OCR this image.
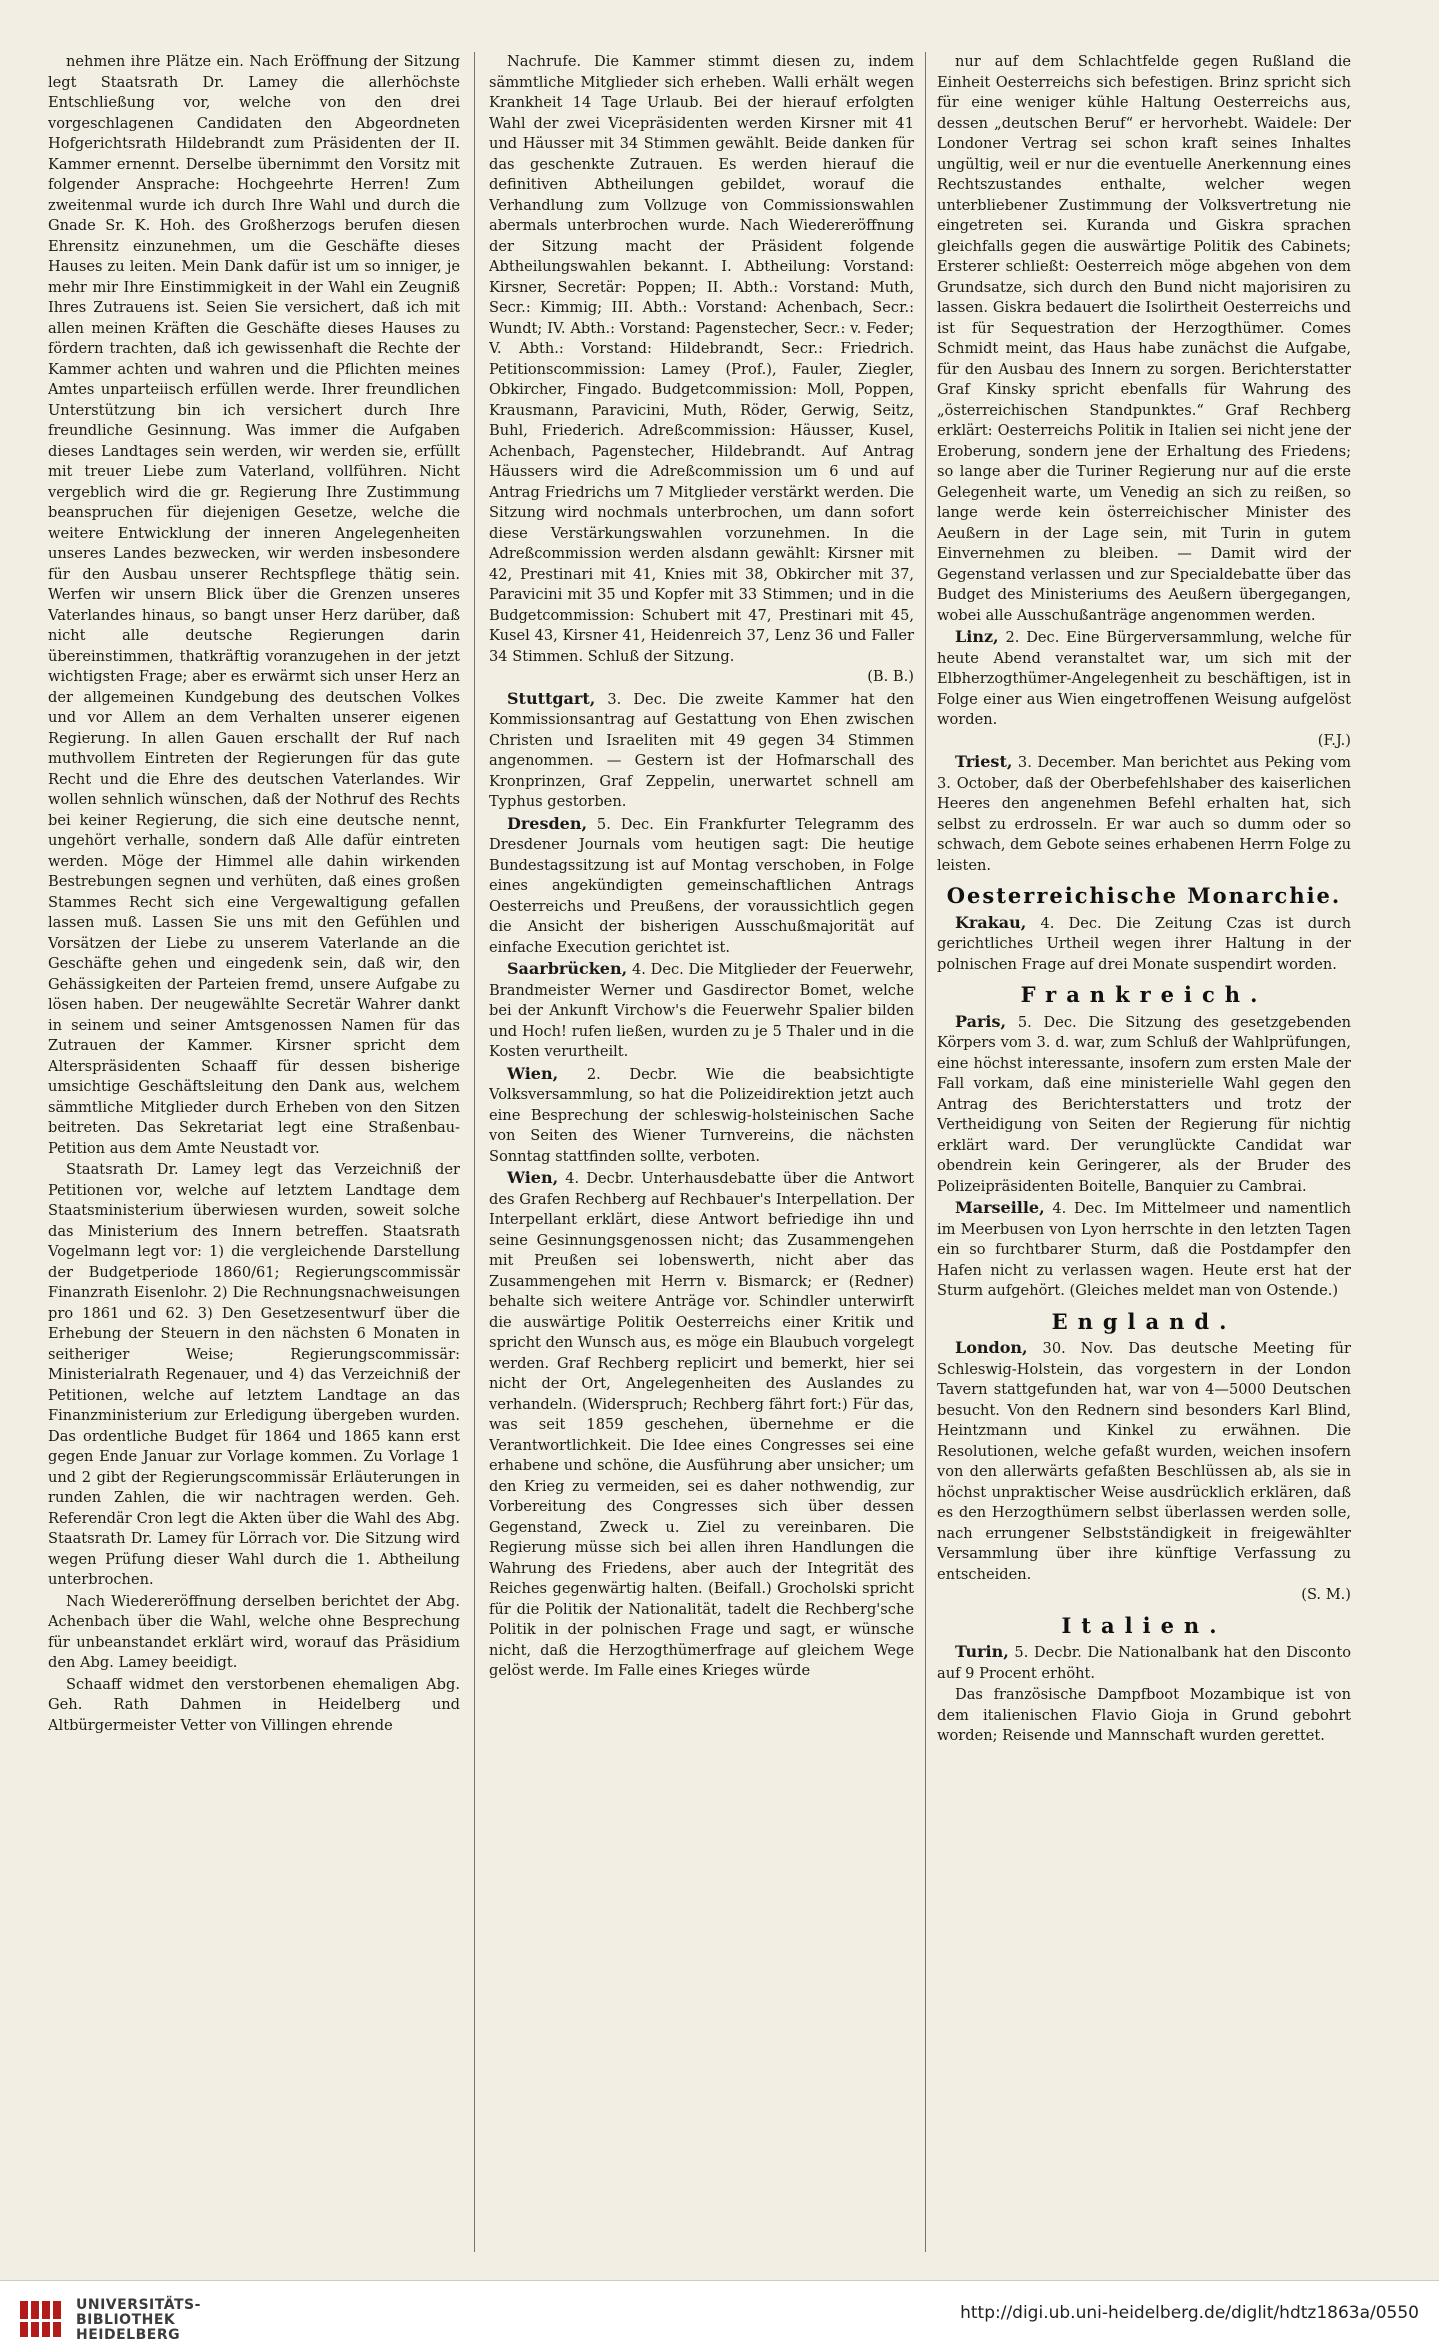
nehmen ihre Plätze ein. Nach Eröffnung der Sitzung legt Staatsrath Dr. Lamey die allerhöchste Entschließung vor, welche von den drei vorgeschlagenen Candidaten den Abgeordneten Hofgerichtsrath Hildebrandt zum Präsidenten der II. Kammer ernennt. Derselbe übernimmt den Vorsitz mit folgender Ansprache: Hochgeehrte Herren! Zum zweitenmal wurde ich durch Ihre Wahl und durch die Gnade Sr. K. Hoh. des Großherzogs berufen diesen Ehrensitz einzunehmen, um die Geschäfte dieses Hauses zu leiten. Mein Dank dafür ist um so inniger, je mehr mir Ihre Einstimmigkeit in der Wahl ein Zeugniß Ihres Zutrauens ist. Seien Sie versichert, daß ich mit allen meinen Kräften die Geschäfte dieses Hauses zu fördern trachten, daß ich gewissenhaft die Rechte der Kammer achten und wahren und die Pflichten meines Amtes unparteiisch erfüllen werde. Ihrer freundlichen Unterstützung bin ich versichert durch Ihre freundliche Gesinnung. Was immer die Aufgaben dieses Landtages sein werden, wir werden sie, erfüllt mit treuer Liebe zum Vaterland, vollführen. Nicht vergeblich wird die gr. Regierung Ihre Zustimmung beanspruchen für diejenigen Gesetze, welche die weitere Entwicklung der inneren Angelegenheiten unseres Landes bezwecken, wir werden insbesondere für den Ausbau unserer Rechtspflege thätig sein. Werfen wir unsern Blick über die Grenzen unseres Vaterlandes hinaus, so bangt unser Herz darüber, daß nicht alle deutsche Regierungen darin übereinstimmen, thatkräftig voranzugehen in der jetzt wichtigsten Frage; aber es erwärmt sich unser Herz an der allgemeinen Kundgebung des deutschen Volkes und vor Allem an dem Verhalten unserer eigenen Regierung. In allen Gauen erschallt der Ruf nach muthvollem Eintreten der Regierungen für das gute Recht und die Ehre des deutschen Vaterlandes. Wir wollen sehnlich wünschen, daß der Nothruf des Rechts bei keiner Regierung, die sich eine deutsche nennt, ungehört verhalle, sondern daß Alle dafür eintreten werden. Möge der Himmel alle dahin wirkenden Bestrebungen segnen und verhüten, daß eines großen Stammes Recht sich eine Vergewaltigung gefallen lassen muß. Lassen Sie uns mit den Gefühlen und Vorsätzen der Liebe zu unserem Vaterlande an die Geschäfte gehen und eingedenk sein, daß wir, den Gehässigkeiten der Parteien fremd, unsere Aufgabe zu lösen haben. Der neugewählte Secretär Wahrer dankt in seinem und seiner Amtsgenossen Namen für das Zutrauen der Kammer. Kirsner spricht dem Alterspräsidenten Schaaff für dessen bisherige umsichtige Geschäftsleitung den Dank aus, welchem sämmtliche Mitglieder durch Erheben von den Sitzen beitreten. Das Sekretariat legt eine Straßenbau-Petition aus dem Amte Neustadt vor.

Staatsrath Dr. Lamey legt das Verzeichniß der Petitionen vor, welche auf letztem Landtage dem Staatsministerium überwiesen wurden, soweit solche das Ministerium des Innern betreffen. Staatsrath Vogelmann legt vor: 1) die vergleichende Darstellung der Budgetperiode 1860/61; Regierungscommissär Finanzrath Eisenlohr. 2) Die Rechnungsnachweisungen pro 1861 und 62. 3) Den Gesetzesentwurf über die Erhebung der Steuern in den nächsten 6 Monaten in seitheriger Weise; Regierungscommissär: Ministerialrath Regenauer, und 4) das Verzeichniß der Petitionen, welche auf letztem Landtage an das Finanzministerium zur Erledigung übergeben wurden. Das ordentliche Budget für 1864 und 1865 kann erst gegen Ende Januar zur Vorlage kommen. Zu Vorlage 1 und 2 gibt der Regierungscommissär Erläuterungen in runden Zahlen, die wir nachtragen werden. Geh. Referendär Cron legt die Akten über die Wahl des Abg. Staatsrath Dr. Lamey für Lörrach vor. Die Sitzung wird wegen Prüfung dieser Wahl durch die 1. Abtheilung unterbrochen.

Nach Wiedereröffnung derselben berichtet der Abg. Achenbach über die Wahl, welche ohne Besprechung für unbeanstandet erklärt wird, worauf das Präsidium den Abg. Lamey beeidigt.

Schaaff widmet den verstorbenen ehemaligen Abg. Geh. Rath Dahmen in Heidelberg und Altbürgermeister Vetter von Villingen ehrende

Nachrufe. Die Kammer stimmt diesen zu, indem sämmtliche Mitglieder sich erheben. Walli erhält wegen Krankheit 14 Tage Urlaub. Bei der hierauf erfolgten Wahl der zwei Vicepräsidenten werden Kirsner mit 41 und Häusser mit 34 Stimmen gewählt. Beide danken für das geschenkte Zutrauen. Es werden hierauf die definitiven Abtheilungen gebildet, worauf die Verhandlung zum Vollzuge von Commissionswahlen abermals unterbrochen wurde. Nach Wiedereröffnung der Sitzung macht der Präsident folgende Abtheilungswahlen bekannt. I. Abtheilung: Vorstand: Kirsner, Secretär: Poppen; II. Abth.: Vorstand: Muth, Secr.: Kimmig; III. Abth.: Vorstand: Achenbach, Secr.: Wundt; IV. Abth.: Vorstand: Pagenstecher, Secr.: v. Feder; V. Abth.: Vorstand: Hildebrandt, Secr.: Friedrich. Petitionscommission: Lamey (Prof.), Fauler, Ziegler, Obkircher, Fingado. Budgetcommission: Moll, Poppen, Krausmann, Paravicini, Muth, Röder, Gerwig, Seitz, Buhl, Friederich. Adreßcommission: Häusser, Kusel, Achenbach, Pagenstecher, Hildebrandt. Auf Antrag Häussers wird die Adreßcommission um 6 und auf Antrag Friedrichs um 7 Mitglieder verstärkt werden. Die Sitzung wird nochmals unterbrochen, um dann sofort diese Verstärkungswahlen vorzunehmen. In die Adreßcommission werden alsdann gewählt: Kirsner mit 42, Prestinari mit 41, Knies mit 38, Obkircher mit 37, Paravicini mit 35 und Kopfer mit 33 Stimmen; und in die Budgetcommission: Schubert mit 47, Prestinari mit 45, Kusel 43, Kirsner 41, Heidenreich 37, Lenz 36 und Faller 34 Stimmen. Schluß der Sitzung.
(B. B.)

Stuttgart, 3. Dec. Die zweite Kammer hat den Kommissionsantrag auf Gestattung von Ehen zwischen Christen und Israeliten mit 49 gegen 34 Stimmen angenommen. — Gestern ist der Hofmarschall des Kronprinzen, Graf Zeppelin, unerwartet schnell am Typhus gestorben.

Dresden, 5. Dec. Ein Frankfurter Telegramm des Dresdener Journals vom heutigen sagt: Die heutige Bundestagssitzung ist auf Montag verschoben, in Folge eines angekündigten gemeinschaftlichen Antrags Oesterreichs und Preußens, der voraussichtlich gegen die Ansicht der bisherigen Ausschußmajorität auf einfache Execution gerichtet ist.

Saarbrücken, 4. Dec. Die Mitglieder der Feuerwehr, Brandmeister Werner und Gasdirector Bomet, welche bei der Ankunft Virchow's die Feuerwehr Spalier bilden und Hoch! rufen ließen, wurden zu je 5 Thaler und in die Kosten verurtheilt.

Wien, 2. Decbr. Wie die beabsichtigte Volksversammlung, so hat die Polizeidirektion jetzt auch eine Besprechung der schleswig-holsteinischen Sache von Seiten des Wiener Turnvereins, die nächsten Sonntag stattfinden sollte, verboten.

Wien, 4. Decbr. Unterhausdebatte über die Antwort des Grafen Rechberg auf Rechbauer's Interpellation. Der Interpellant erklärt, diese Antwort befriedige ihn und seine Gesinnungsgenossen nicht; das Zusammengehen mit Preußen sei lobenswerth, nicht aber das Zusammengehen mit Herrn v. Bismarck; er (Redner) behalte sich weitere Anträge vor. Schindler unterwirft die auswärtige Politik Oesterreichs einer Kritik und spricht den Wunsch aus, es möge ein Blaubuch vorgelegt werden. Graf Rechberg replicirt und bemerkt, hier sei nicht der Ort, Angelegenheiten des Auslandes zu verhandeln. (Widerspruch; Rechberg fährt fort:) Für das, was seit 1859 geschehen, übernehme er die Verantwortlichkeit. Die Idee eines Congresses sei eine erhabene und schöne, die Ausführung aber unsicher; um den Krieg zu vermeiden, sei es daher nothwendig, zur Vorbereitung des Congresses sich über dessen Gegenstand, Zweck u. Ziel zu vereinbaren. Die Regierung müsse sich bei allen ihren Handlungen die Wahrung des Friedens, aber auch der Integrität des Reiches gegenwärtig halten. (Beifall.) Grocholski spricht für die Politik der Nationalität, tadelt die Rechberg'sche Politik in der polnischen Frage und sagt, er wünsche nicht, daß die Herzogthümerfrage auf gleichem Wege gelöst werde. Im Falle eines Krieges würde

nur auf dem Schlachtfelde gegen Rußland die Einheit Oesterreichs sich befestigen. Brinz spricht sich für eine weniger kühle Haltung Oesterreichs aus, dessen „deutschen Beruf“ er hervorhebt. Waidele: Der Londoner Vertrag sei schon kraft seines Inhaltes ungültig, weil er nur die eventuelle Anerkennung eines Rechtszustandes enthalte, welcher wegen unterbliebener Zustimmung der Volksvertretung nie eingetreten sei. Kuranda und Giskra sprachen gleichfalls gegen die auswärtige Politik des Cabinets; Ersterer schließt: Oesterreich möge abgehen von dem Grundsatze, sich durch den Bund nicht majorisiren zu lassen. Giskra bedauert die Isolirtheit Oesterreichs und ist für Sequestration der Herzogthümer. Comes Schmidt meint, das Haus habe zunächst die Aufgabe, für den Ausbau des Innern zu sorgen. Berichterstatter Graf Kinsky spricht ebenfalls für Wahrung des „österreichischen Standpunktes.“ Graf Rechberg erklärt: Oesterreichs Politik in Italien sei nicht jene der Eroberung, sondern jene der Erhaltung des Friedens; so lange aber die Turiner Regierung nur auf die erste Gelegenheit warte, um Venedig an sich zu reißen, so lange werde kein österreichischer Minister des Aeußern in der Lage sein, mit Turin in gutem Einvernehmen zu bleiben. — Damit wird der Gegenstand verlassen und zur Specialdebatte über das Budget des Ministeriums des Aeußern übergegangen, wobei alle Ausschußanträge angenommen werden.

Linz, 2. Dec. Eine Bürgerversammlung, welche für heute Abend veranstaltet war, um sich mit der Elbherzogthümer-Angelegenheit zu beschäftigen, ist in Folge einer aus Wien eingetroffenen Weisung aufgelöst worden.
(F.J.)

Triest, 3. December. Man berichtet aus Peking vom 3. October, daß der Oberbefehlshaber des kaiserlichen Heeres den angenehmen Befehl erhalten hat, sich selbst zu erdrosseln. Er war auch so dumm oder so schwach, dem Gebote seines erhabenen Herrn Folge zu leisten.

Oesterreichische Monarchie.

Krakau, 4. Dec. Die Zeitung Czas ist durch gerichtliches Urtheil wegen ihrer Haltung in der polnischen Frage auf drei Monate suspendirt worden.

Frankreich.

Paris, 5. Dec. Die Sitzung des gesetzgebenden Körpers vom 3. d. war, zum Schluß der Wahlprüfungen, eine höchst interessante, insofern zum ersten Male der Fall vorkam, daß eine ministerielle Wahl gegen den Antrag des Berichterstatters und trotz der Vertheidigung von Seiten der Regierung für nichtig erklärt ward. Der verunglückte Candidat war obendrein kein Geringerer, als der Bruder des Polizeipräsidenten Boitelle, Banquier zu Cambrai.

Marseille, 4. Dec. Im Mittelmeer und namentlich im Meerbusen von Lyon herrschte in den letzten Tagen ein so furchtbarer Sturm, daß die Postdampfer den Hafen nicht zu verlassen wagen. Heute erst hat der Sturm aufgehört. (Gleiches meldet man von Ostende.)

England.

London, 30. Nov. Das deutsche Meeting für Schleswig-Holstein, das vorgestern in der London Tavern stattgefunden hat, war von 4—5000 Deutschen besucht. Von den Rednern sind besonders Karl Blind, Heintzmann und Kinkel zu erwähnen. Die Resolutionen, welche gefaßt wurden, weichen insofern von den allerwärts gefaßten Beschlüssen ab, als sie in höchst unpraktischer Weise ausdrücklich erklären, daß es den Herzogthümern selbst überlassen werden solle, nach errungener Selbstständigkeit in freigewählter Versammlung über ihre künftige Verfassung zu entscheiden.
(S. M.)

Italien.

Turin, 5. Decbr. Die Nationalbank hat den Disconto auf 9 Procent erhöht.

Das französische Dampfboot Mozambique ist von dem italienischen Flavio Gioja in Grund gebohrt worden; Reisende und Mannschaft wurden gerettet.

UNIVERSITÄTS-
BIBLIOTHEK
HEIDELBERG
http://digi.ub.uni-heidelberg.de/diglit/hdtz1863a/0550
